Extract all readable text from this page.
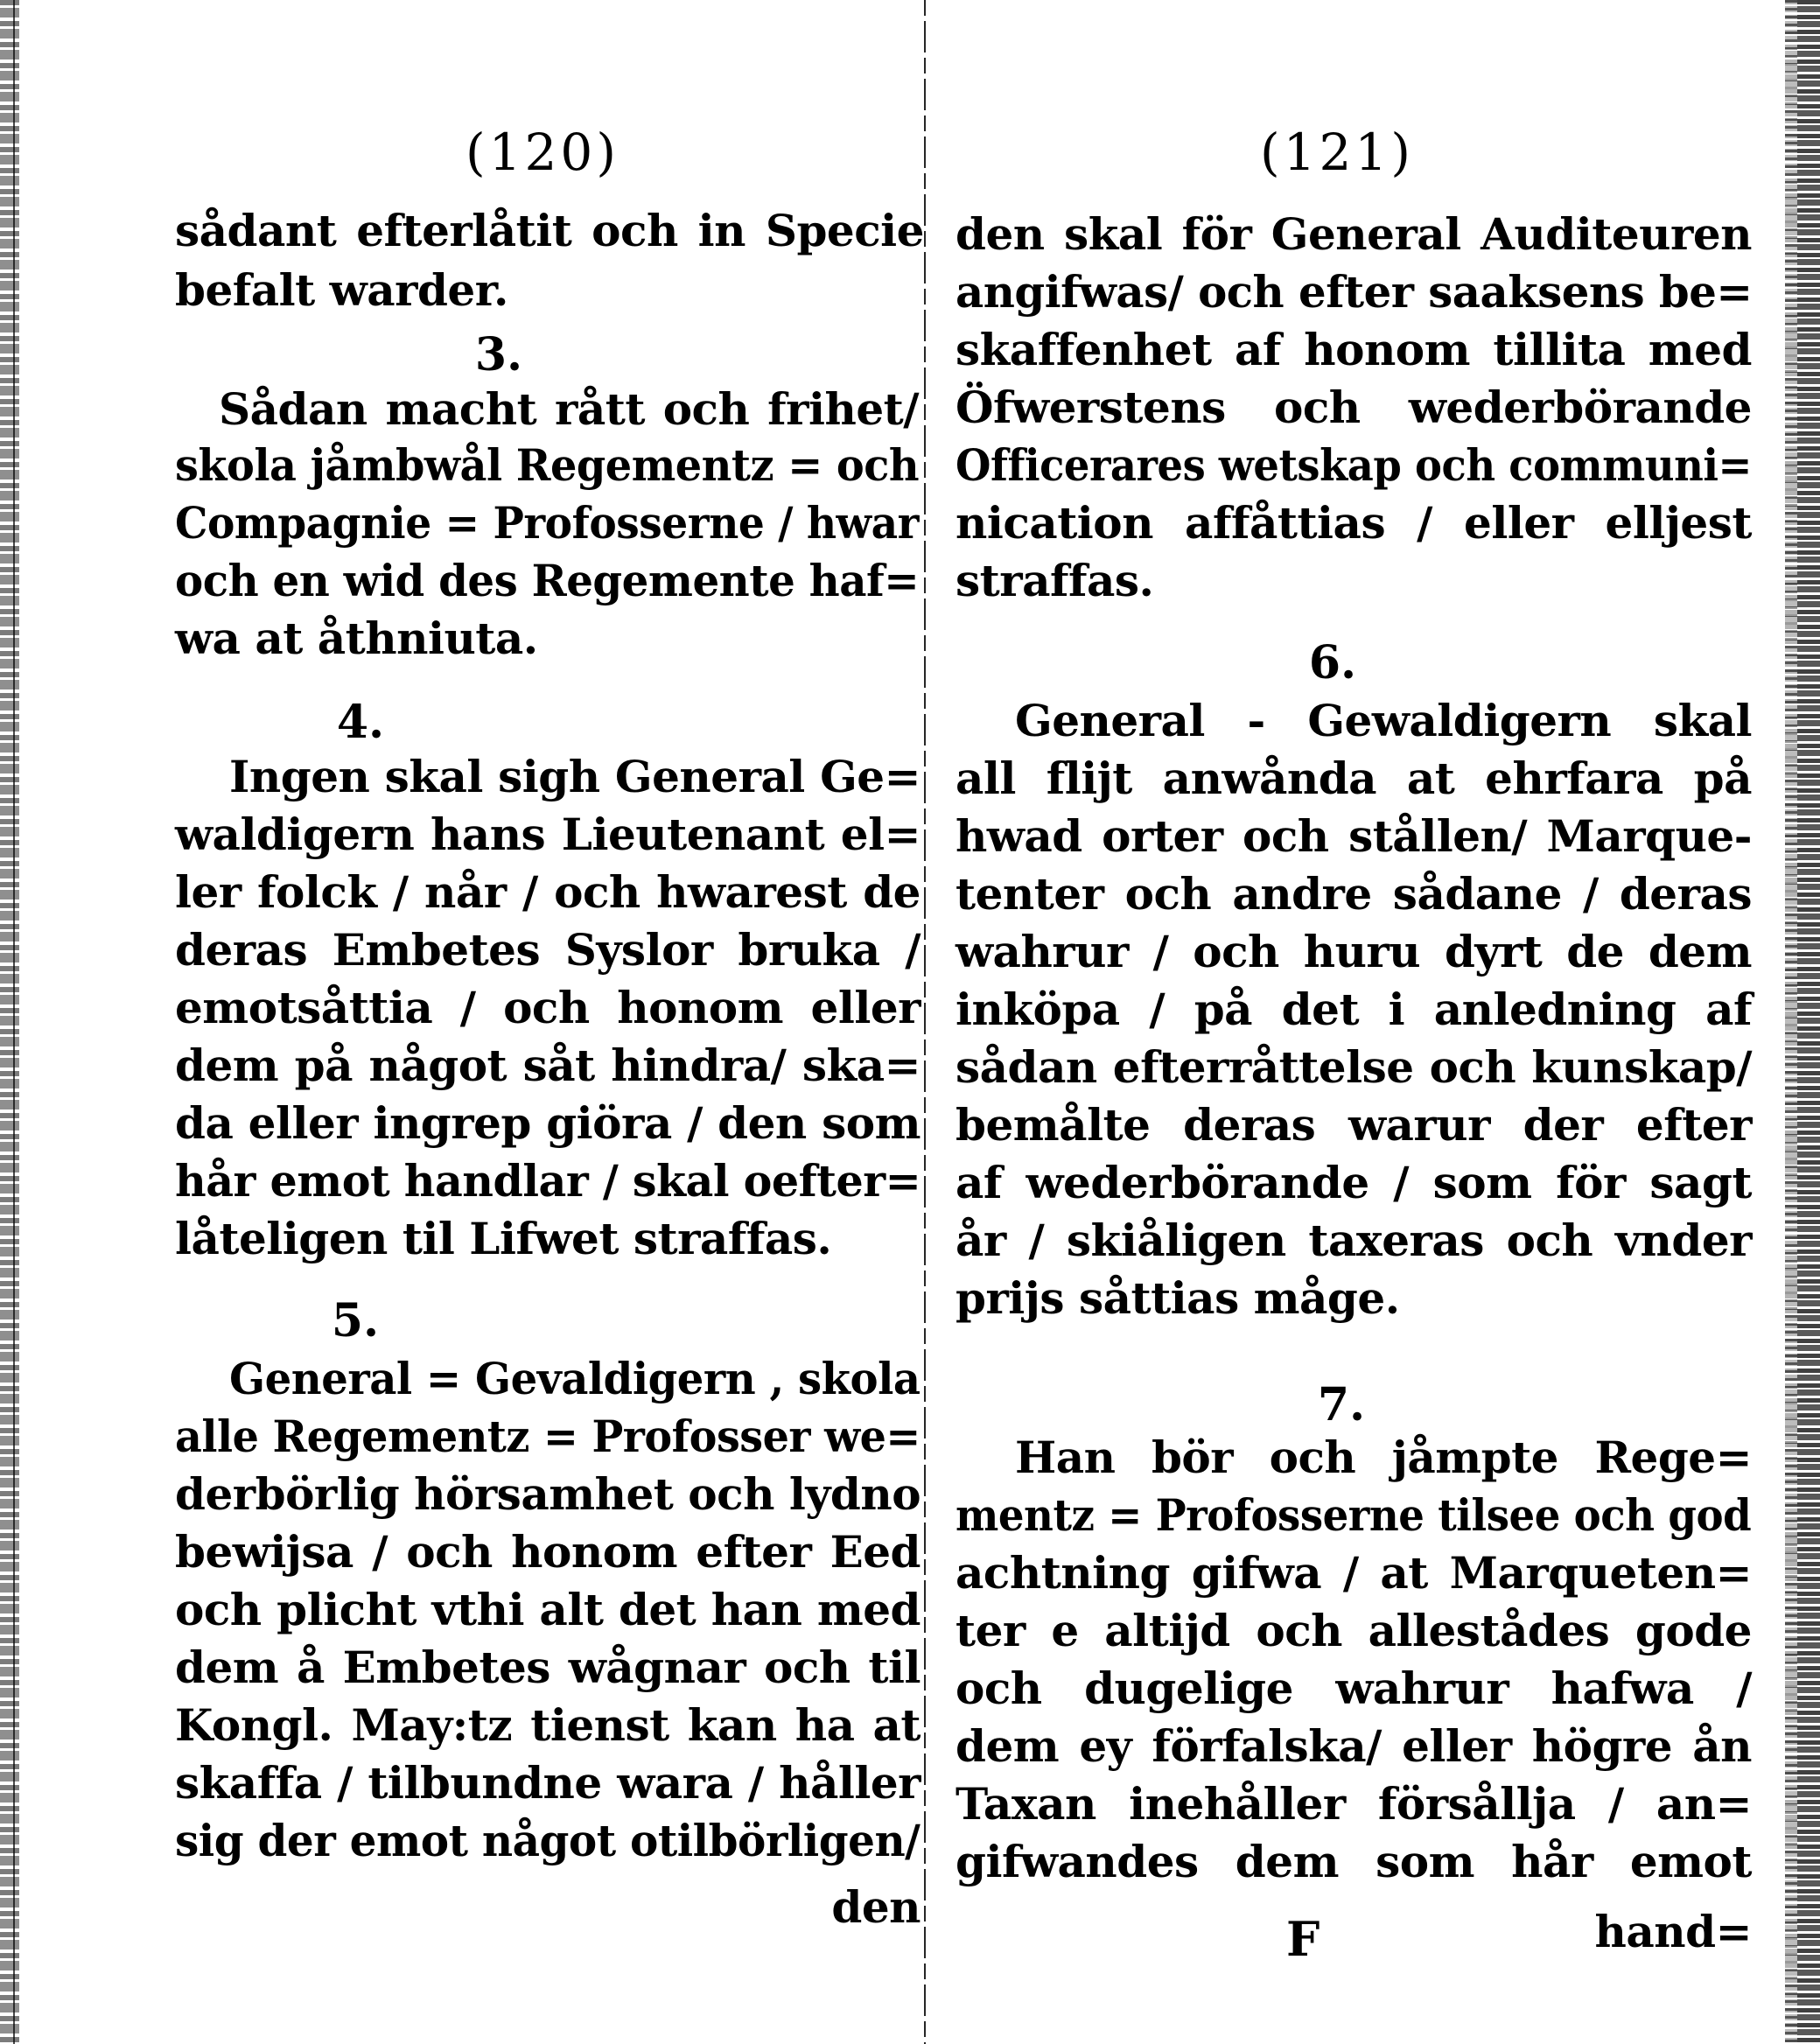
(120)
sådant efterlåtit och in Specie
befalt warder.
3.
Sådan macht rått och frihet/
skola jåmbwål Regementz = och
Compagnie = Profosserne / hwar
och en wid des Regemente haf=
wa at åthniuta.
4.
Ingen skal sigh General Ge=
waldigern hans Lieutenant el=
ler folck / når / och hwarest de
deras Embetes Syslor bruka /
emotsåttia / och honom eller
dem på något såt hindra/ ska=
da eller ingrep giöra / den som
hår emot handlar / skal oefter=
låteligen til Lifwet straffas.
5.
General = Gevaldigern , skola
alle Regementz = Profosser we=
derbörlig hörsamhet och lydno
bewijsa / och honom efter Eed
och plicht vthi alt det han med
dem å Embetes wågnar och til
Kongl. May:tz tienst kan ha at
skaffa / tilbundne wara / håller
sig der emot något otilbörligen/
den
(121)
den skal för General Auditeuren
angifwas/ och efter saaksens be=
skaffenhet af honom tillita med
Öfwerstens och wederbörande
Officerares wetskap och communi=
nication affåttias / eller elljest
straffas.
6.
General - Gewaldigern skal
all flijt anwånda at ehrfara på
hwad orter och stållen/ Marque-
tenter och andre sådane / deras
wahrur / och huru dyrt de dem
inköpa / på det i anledning af
sådan efterråttelse och kunskap/
bemålte deras warur der efter
af wederbörande / som för sagt
år / skiåligen taxeras och vnder
prijs såttias måge.
7.
Han bör och jåmpte Rege=
mentz = Profosserne tilsee och god
achtning gifwa / at Marqueten=
ter e altijd och allestådes gode
och dugelige wahrur hafwa /
dem ey förfalska/ eller högre ån
Taxan inehåller försållja / an=
gifwandes dem som hår emot
F	hand=
